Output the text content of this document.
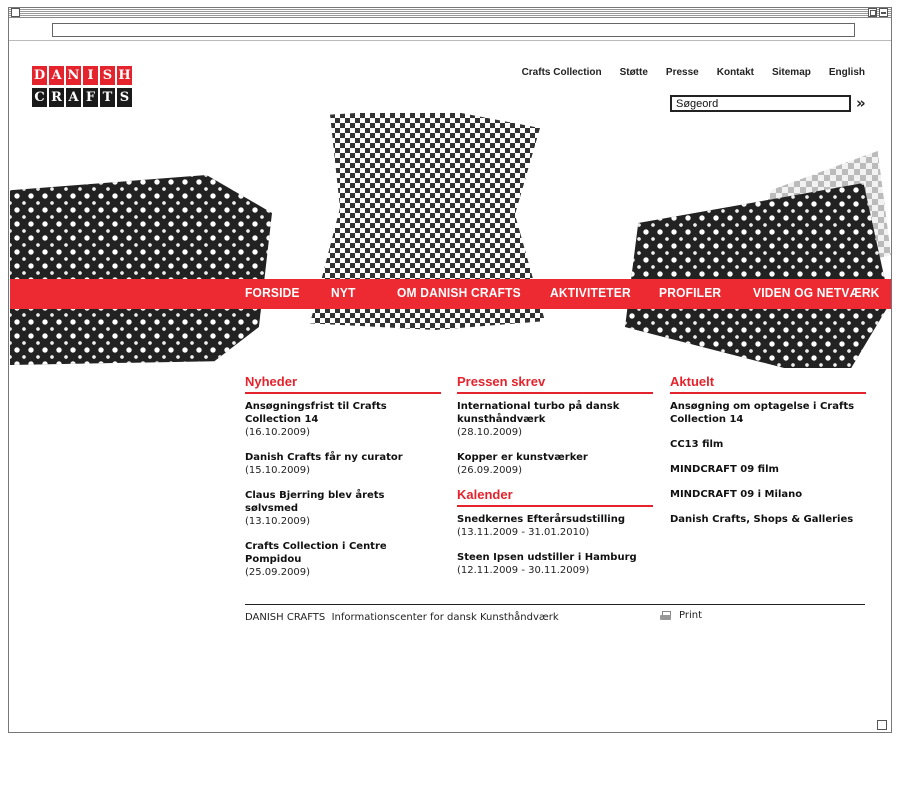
D A N I S H
C R A F T S
Crafts Collection Støtte Presse Kontakt Sitemap English
Søgeord	»
FORSIDE	NYT	OM DANISH CRAFTS	AKTIVITETER	PROFILER	VIDEN OG NETVÆRK
Nyheder
Ansøgningsfrist til Crafts Collection 14
(16.10.2009)
Danish Crafts får ny curator
(15.10.2009)
Claus Bjerring blev årets sølvsmed
(13.10.2009)
Crafts Collection i Centre Pompidou
(25.09.2009)
Pressen skrev
International turbo på dansk kunsthåndværk
(28.10.2009)
Kopper er kunstværker
(26.09.2009)
Kalender
Snedkernes Efterårsudstilling
(13.11.2009 - 31.01.2010)
Steen Ipsen udstiller i Hamburg
(12.11.2009 - 30.11.2009)
Aktuelt
Ansøgning om optagelse i Crafts Collection 14
CC13 film
MINDCRAFT 09 film
MINDCRAFT 09 i Milano
Danish Crafts, Shops & Galleries
DANISH CRAFTS Informationscenter for dansk Kunsthåndværk	Print
